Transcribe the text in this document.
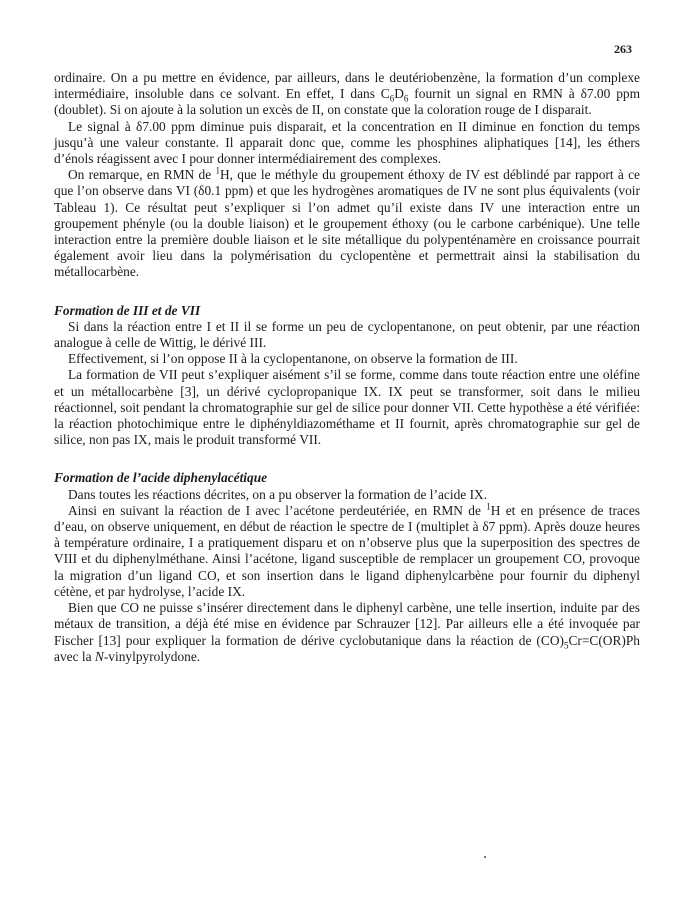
263

ordinaire. On a pu mettre en évidence, par ailleurs, dans le deutériobenzène, la formation d’un complexe intermédiaire, insoluble dans ce solvant. En effet, I dans $C_6D_6$ fournit un signal en RMN à δ7.00 ppm (doublet). Si on ajoute à la solution un excès de II, on constate que la coloration rouge de I disparait.

Le signal à δ7.00 ppm diminue puis disparait, et la concentration en II diminue en fonction du temps jusqu’à une valeur constante. Il apparait donc que, comme les phosphines aliphatiques [14], les éthers d’énols réagissent avec I pour donner intermédiairement des complexes.

On remarque, en RMN de $^1$H, que le méthyle du groupement éthoxy de IV est déblindé par rapport à ce que l’on observe dans VI (δ0.1 ppm) et que les hydrogènes aromatiques de IV ne sont plus équivalents (voir Tableau 1). Ce résultat peut s’expliquer si l’on admet qu’il existe dans IV une interaction entre un groupement phényle (ou la double liaison) et le groupement éthoxy (ou le carbone carbénique). Une telle interaction entre la première double liaison et le site métallique du polypenténamère en croissance pourrait également avoir lieu dans la polymérisation du cyclopentène et permettrait ainsi la stabilisation du métallocarbène.

Formation de III et de VII

Si dans la réaction entre I et II il se forme un peu de cyclopentanone, on peut obtenir, par une réaction analogue à celle de Wittig, le dérivé III.

Effectivement, si l’on oppose II à la cyclopentanone, on observe la formation de III.

La formation de VII peut s’expliquer aisément s’il se forme, comme dans toute réaction entre une oléfine et un métallocarbène [3], un dérivé cyclopropanique IX. IX peut se transformer, soit dans le milieu réactionnel, soit pendant la chromatographie sur gel de silice pour donner VII. Cette hypothèse a été vérifiée: la réaction photochimique entre le diphényldiazométhame et II fournit, après chromatographie sur gel de silice, non pas IX, mais le produit transformé VII.

Formation de l’acide diphenylacétique

Dans toutes les réactions décrites, on a pu observer la formation de l’acide IX.

Ainsi en suivant la réaction de I avec l’acétone perdeutériée, en RMN de $^1$H et en présence de traces d’eau, on observe uniquement, en début de réaction le spectre de I (multiplet à δ7 ppm). Après douze heures à température ordinaire, I a pratiquement disparu et on n’observe plus que la superposition des spectres de VIII et du diphenylméthane. Ainsi l’acétone, ligand susceptible de remplacer un groupement CO, provoque la migration d’un ligand CO, et son insertion dans le ligand diphenylcarbène pour fournir du diphenyl cétène, et par hydrolyse, l’acide IX.

Bien que CO ne puisse s’insérer directement dans le diphenyl carbène, une telle insertion, induite par des métaux de transition, a déjà été mise en évidence par Schrauzer [12]. Par ailleurs elle a été invoquée par Fischer [13] pour expliquer la formation de dérive cyclobutanique dans la réaction de $(CO)_5Cr=C(OR)Ph$ avec la N-vinylpyrolydone.
